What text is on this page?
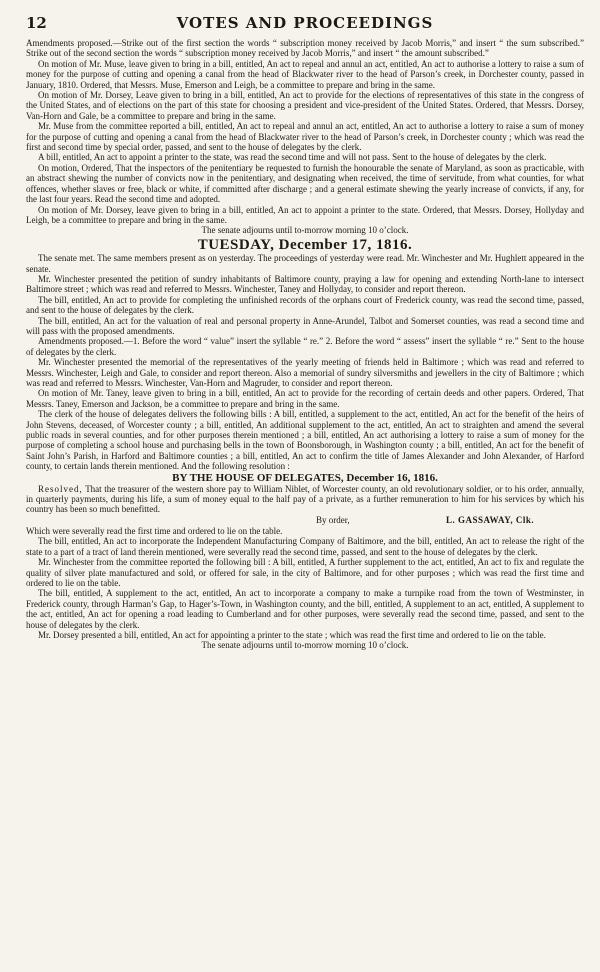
12	VOTES AND PROCEEDINGS

Amendments proposed.—Strike out of the first section the words “ subscription money received by Jacob Morris,” and insert “ the sum subscribed.” Strike out of the second section the words “ subscription money received by Jacob Morris,” and insert “ the amount subscribed.”

On motion of Mr. Muse, leave given to bring in a bill, entitled, An act to repeal and annul an act, entitled, An act to authorise a lottery to raise a sum of money for the purpose of cutting and opening a canal from the head of Blackwater river to the head of Parson’s creek, in Dorchester county, passed in January, 1810. Ordered, that Messrs. Muse, Emerson and Leigh, be a committee to prepare and bring in the same.

On motion of Mr. Dorsey, Leave given to bring in a bill, entitled, An act to provide for the elections of representatives of this state in the congress of the United States, and of elections on the part of this state for choosing a president and vice-president of the United States. Ordered, that Messrs. Dorsey, Van-Horn and Gale, be a committee to prepare and bring in the same.

Mr. Muse from the committee reported a bill, entitled, An act to repeal and annul an act, entitled, An act to authorise a lottery to raise a sum of money for the purpose of cutting and opening a canal from the head of Blackwater river to the head of Parson’s creek, in Dorchester county ; which was read the first and second time by special order, passed, and sent to the house of delegates by the clerk.

A bill, entitled, An act to appoint a printer to the state, was read the second time and will not pass. Sent to the house of delegates by the clerk.

On motion, Ordered, That the inspectors of the penitentiary be requested to furnish the honourable the senate of Maryland, as soon as practicable, with an abstract shewing the number of convicts now in the penitentiary, and designating when received, the time of servitude, from what counties, for what offences, whether slaves or free, black or white, if committed after discharge ; and a general estimate shewing the yearly increase of convicts, if any, for the last four years. Read the second time and adopted.

On motion of Mr. Dorsey, leave given to bring in a bill, entitled, An act to appoint a printer to the state. Ordered, that Messrs. Dorsey, Hollyday and Leigh, be a committee to prepare and bring in the same.

The senate adjourns until to-morrow morning 10 o’clock.

TUESDAY, December 17, 1816.

The senate met. The same members present as on yesterday. The proceedings of yesterday were read. Mr. Winchester and Mr. Hughlett appeared in the senate.

Mr. Winchester presented the petition of sundry inhabitants of Baltimore county, praying a law for opening and extending North-lane to intersect Baltimore street ; which was read and referred to Messrs. Winchester, Taney and Hollyday, to consider and report thereon.

The bill, entitled, An act to provide for completing the unfinished records of the orphans court of Frederick county, was read the second time, passed, and sent to the house of delegates by the clerk.

The bill, entitled, An act for the valuation of real and personal property in Anne-Arundel, Talbot and Somerset counties, was read a second time and will pass with the proposed amendments.

Amendments proposed.—1. Before the word “ value” insert the syllable “ re.” 2. Before the word “ assess” insert the syllable “ re.” Sent to the house of delegates by the clerk.

Mr. Winchester presented the memorial of the representatives of the yearly meeting of friends held in Baltimore ; which was read and referred to Messrs. Winchester, Leigh and Gale, to consider and report thereon. Also a memorial of sundry silversmiths and jewellers in the city of Baltimore ; which was read and referred to Messrs. Winchester, Van-Horn and Magruder, to consider and report thereon.

On motion of Mr. Taney, leave given to bring in a bill, entitled, An act to provide for the recording of certain deeds and other papers. Ordered, That Messrs. Taney, Emerson and Jackson, be a committee to prepare and bring in the same.

The clerk of the house of delegates delivers the following bills : A bill, entitled, a supplement to the act, entitled, An act for the benefit of the heirs of John Stevens, deceased, of Worcester county ; a bill, entitled, An additional supplement to the act, entitled, An act to straighten and amend the several public roads in several counties, and for other purposes therein mentioned ; a bill, entitled, An act authorising a lottery to raise a sum of money for the purpose of completing a school house and purchasing bells in the town of Boonsborough, in Washington county ; a bill, entitled, An act for the benefit of Saint John’s Parish, in Harford and Baltimore counties ; a bill, entitled, An act to confirm the title of James Alexander and John Alexander, of Harford county, to certain lands therein mentioned. And the following resolution :

BY THE HOUSE OF DELEGATES, December 16, 1816.

Resolved, That the treasurer of the western shore pay to William Niblet, of Worcester county, an old revolutionary soldier, or to his order, annually, in quarterly payments, during his life, a sum of money equal to the half pay of a private, as a further remuneration to him for his services by which his country has been so much benefitted.

By order,	L. GASSAWAY, Clk.

Which were severally read the first time and ordered to lie on the table.

The bill, entitled, An act to incorporate the Independent Manufacturing Company of Baltimore, and the bill, entitled, An act to release the right of the state to a part of a tract of land therein mentioned, were severally read the second time, passed, and sent to the house of delegates by the clerk.

Mr. Winchester from the committee reported the following bill : A bill, entitled, A further supplement to the act, entitled, An act to fix and regulate the quality of silver plate manufactured and sold, or offered for sale, in the city of Baltimore, and for other purposes ; which was read the first time and ordered to lie on the table.

The bill, entitled, A supplement to the act, entitled, An act to incorporate a company to make a turnpike road from the town of Westminster, in Frederick county, through Harman’s Gap, to Hager’s-Town, in Washington county, and the bill, entitled, A supplement to an act, entitled, A supplement to the act, entitled, An act for opening a road leading to Cumberland and for other purposes, were severally read the second time, passed, and sent to the house of delegates by the clerk.

Mr. Dorsey presented a bill, entitled, An act for appointing a printer to the state ; which was read the first time and ordered to lie on the table.

The senate adjourns until to-morrow morning 10 o’clock.
